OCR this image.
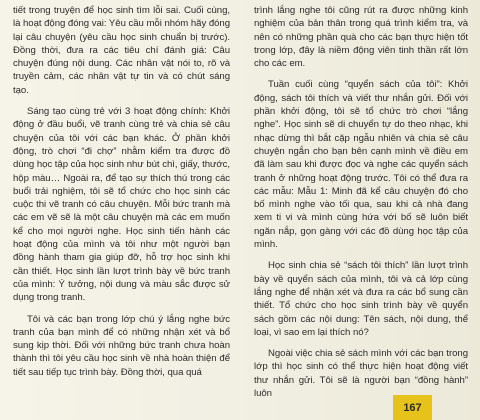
tiết trong truyện để học sinh tìm lỗi sai. Cuối cùng, là hoạt động đóng vai: Yêu cầu mỗi nhóm hãy đóng lại câu chuyện (yêu cầu học sinh chuẩn bị trước). Đồng thời, đưa ra các tiêu chí đánh giá: Câu chuyện đúng nội dung. Các nhân vật nói to, rõ và truyền cảm, các nhân vật tự tin và có chút sáng tạo.

Sáng tạo cùng trẻ với 3 hoạt động chính: Khởi động ở đầu buổi, vẽ tranh cùng trẻ và chia sẻ câu chuyện của tôi với các bạn khác. Ở phần khởi động, trò chơi “đi chợ” nhằm kiểm tra được đồ dùng học tập của học sinh như bút chì, giấy, thước, hộp màu… Ngoài ra, để tạo sự thích thú trong các buổi trải nghiệm, tôi sẽ tổ chức cho học sinh các cuộc thi vẽ tranh có câu chuyện. Mỗi bức tranh mà các em vẽ sẽ là một câu chuyện mà các em muốn kể cho mọi người nghe. Học sinh tiến hành các hoạt động của mình và tôi như một người bạn đồng hành tham gia giúp đỡ, hỗ trợ học sinh khi cần thiết. Học sinh lần lượt trình bày về bức tranh của mình: Ý tưởng, nội dung và màu sắc được sử dụng trong tranh.

Tôi và các bạn trong lớp chú ý lắng nghe bức tranh của bạn mình để có những nhận xét và bổ sung kịp thời. Đối với những bức tranh chưa hoàn thành thì tôi yêu cầu học sinh về nhà hoàn thiện để tiết sau tiếp tục trình bày. Đồng thời, qua quá

trình lắng nghe tôi cũng rút ra được những kinh nghiệm của bản thân trong quá trình kiểm tra, và nên có những phần quà cho các bạn thực hiện tốt trong lớp, đây là niềm động viên tinh thần rất lớn cho các em.

Tuần cuối cùng “quyển sách của tôi”: Khởi động, sách tôi thích và viết thư nhắn gửi. Đối với phần khởi động, tôi sẽ tổ chức trò chơi “lắng nghe”. Học sinh sẽ di chuyển tự do theo nhạc, khi nhạc dừng thì bắt cặp ngẫu nhiên và chia sẻ câu chuyện ngắn cho bạn bên cạnh mình về điều em đã làm sau khi được đọc và nghe các quyển sách tranh ở những hoạt động trước. Tôi có thể đưa ra các mẫu: Mẫu 1: Minh đã kể câu chuyện đó cho bố mình nghe vào tối qua, sau khi cả nhà đang xem ti vi và mình cùng hứa với bố sẽ luôn biết ngăn nắp, gọn gàng với các đồ dùng học tập của mình.

Học sinh chia sẻ “sách tôi thích” lần lượt trình bày về quyển sách của mình, tôi và cả lớp cùng lắng nghe để nhận xét và đưa ra các bổ sung cần thiết. Tổ chức cho học sinh trình bày về quyển sách gồm các nội dung: Tên sách, nội dung, thể loại, vì sao em lại thích nó?

Ngoài việc chia sẻ sách mình với các bạn trong lớp thì học sinh có thể thực hiện hoạt động viết thư nhắn gửi. Tôi sẽ là người bạn “đồng hành” luôn

167
